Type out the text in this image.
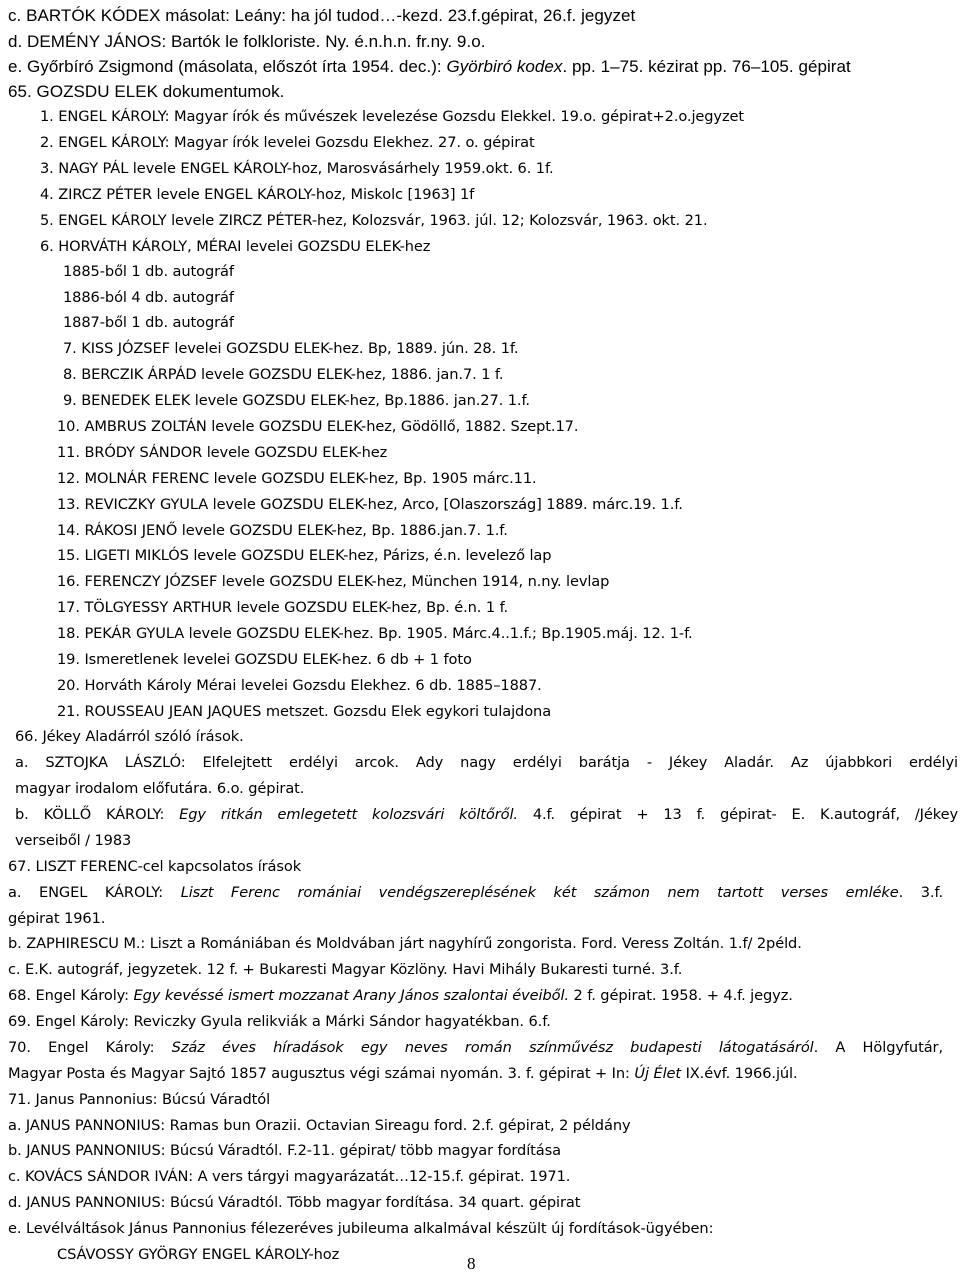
c. BARTÓK KÓDEX másolat: Leány: ha jól tudod…-kezd. 23.f.gépirat, 26.f. jegyzet
d. DEMÉNY JÁNOS: Bartók le folkloriste. Ny. é.n.h.n. fr.ny. 9.o.
e. Győrbíró Zsigmond (másolata, előszót írta 1954. dec.): Györbiró kodex. pp. 1–75. kézirat pp. 76–105. gépirat
65. GOZSDU ELEK dokumentumok.
1. ENGEL KÁROLY: Magyar írók és művészek levelezése Gozsdu Elekkel. 19.o. gépirat+2.o.jegyzet
2. ENGEL KÁROLY: Magyar írók levelei Gozsdu Elekhez. 27. o. gépirat
3. NAGY PÁL levele ENGEL KÁROLY-hoz, Marosvásárhely 1959.okt. 6. 1f.
4. ZIRCZ PÉTER levele ENGEL KÁROLY-hoz, Miskolc [1963] 1f
5. ENGEL KÁROLY levele ZIRCZ PÉTER-hez, Kolozsvár, 1963. júl. 12; Kolozsvár, 1963. okt. 21.
6. HORVÁTH KÁROLY, MÉRAI levelei GOZSDU ELEK-hez
1885-ből 1 db. autográf
1886-ból 4 db. autográf
1887-ből 1 db. autográf
7. KISS JÓZSEF levelei GOZSDU ELEK-hez. Bp, 1889. jún. 28. 1f.
8. BERCZIK ÁRPÁD levele GOZSDU ELEK-hez, 1886. jan.7. 1 f.
9. BENEDEK ELEK levele GOZSDU ELEK-hez, Bp.1886. jan.27. 1.f.
10. AMBRUS ZOLTÁN levele GOZSDU ELEK-hez, Gödöllő, 1882. Szept.17.
11. BRÓDY SÁNDOR levele GOZSDU ELEK-hez
12. MOLNÁR FERENC levele GOZSDU ELEK-hez, Bp. 1905 márc.11.
13. REVICZKY GYULA levele GOZSDU ELEK-hez, Arco, [Olaszország] 1889. márc.19. 1.f.
14. RÁKOSI JENŐ levele GOZSDU ELEK-hez, Bp. 1886.jan.7. 1.f.
15. LIGETI MIKLÓS levele GOZSDU ELEK-hez, Párizs, é.n. levelező lap
16. FERENCZY JÓZSEF levele GOZSDU ELEK-hez, München 1914, n.ny. levlap
17. TÖLGYESSY ARTHUR levele GOZSDU ELEK-hez, Bp. é.n. 1 f.
18. PEKÁR GYULA levele GOZSDU ELEK-hez. Bp. 1905. Márc.4..1.f.; Bp.1905.máj. 12. 1-f.
19. Ismeretlenek levelei GOZSDU ELEK-hez. 6 db + 1 foto
20. Horváth Károly Mérai levelei Gozsdu Elekhez. 6 db. 1885–1887.
21. ROUSSEAU JEAN JAQUES metszet. Gozsdu Elek egykori tulajdona
66. Jékey Aladárról szóló írások.
a. SZTOJKA LÁSZLÓ: Elfelejtett erdélyi arcok. Ady nagy erdélyi barátja - Jékey Aladár. Az újabbkori erdélyi
magyar irodalom előfutára. 6.o. gépirat.
b. KÖLLŐ KÁROLY: Egy ritkán emlegetett kolozsvári költőről. 4.f. gépirat + 13 f. gépirat- E. K.autográf, /Jékey
verseiből / 1983
67. LISZT FERENC-cel kapcsolatos írások
a. ENGEL KÁROLY: Liszt Ferenc romániai vendégszereplésének két számon nem tartott verses emléke. 3.f.
gépirat 1961.
b. ZAPHIRESCU M.: Liszt a Romániában és Moldvában járt nagyhírű zongorista. Ford. Veress Zoltán. 1.f/ 2péld.
c. E.K. autográf, jegyzetek. 12 f. + Bukaresti Magyar Közlöny. Havi Mihály Bukaresti turné. 3.f.
68. Engel Károly: Egy kevéssé ismert mozzanat Arany János szalontai éveiből. 2 f. gépirat. 1958. + 4.f. jegyz.
69. Engel Károly: Reviczky Gyula relikviák a Márki Sándor hagyatékban. 6.f.
70. Engel Károly: Száz éves híradások egy neves román színművész budapesti látogatásáról. A Hölgyfutár,
Magyar Posta és Magyar Sajtó 1857 augusztus végi számai nyomán. 3. f. gépirat + In: Új Élet IX.évf. 1966.júl.
71. Janus Pannonius: Búcsú Váradtól
a. JANUS PANNONIUS: Ramas bun Orazii. Octavian Sireagu ford. 2.f. gépirat, 2 példány
b. JANUS PANNONIUS: Búcsú Váradtól. F.2-11. gépirat/ több magyar fordítása
c. KOVÁCS SÁNDOR IVÁN: A vers tárgyi magyarázatát…12-15.f. gépirat. 1971.
d. JANUS PANNONIUS: Búcsú Váradtól. Több magyar fordítása. 34 quart. gépirat
e. Levélváltások Jánus Pannonius félezeréves jubileuma alkalmával készült új fordítások-ügyében:
CSÁVOSSY GYÖRGY ENGEL KÁROLY-hoz	8
